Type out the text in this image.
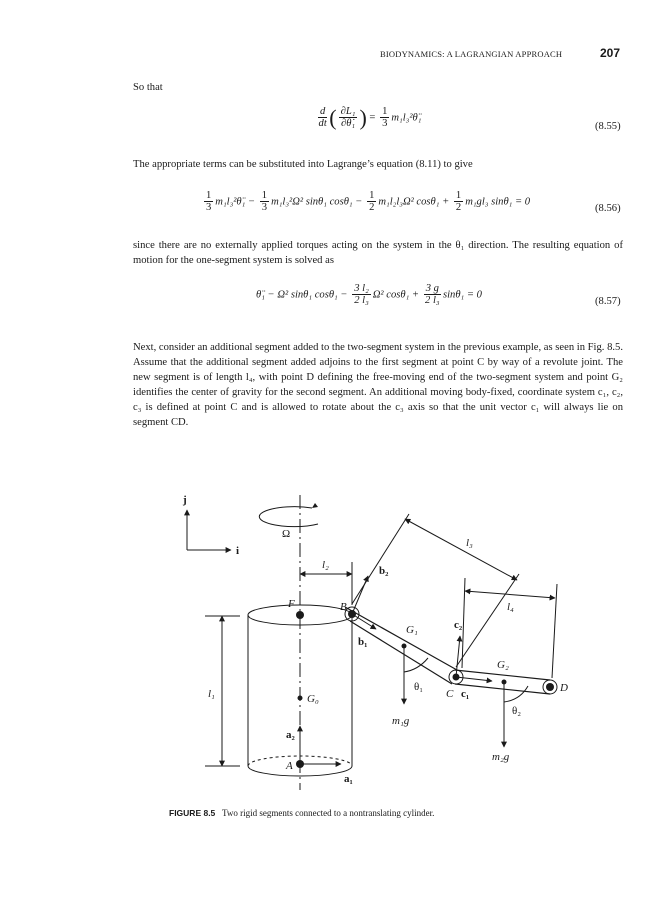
BIODYNAMICS: A LAGRANGIAN APPROACH	207
So that
$\frac{d}{dt}$ ( $\frac{\text{∂L₁}}{\text{∂θ̇₁}}$ ) = $\frac{1}{3}$ m₁l₃²θ̈₁
(8.55)
The appropriate terms can be substituted into Lagrange’s equation (8.11) to give
$\frac{1}{3}$ m₁l₃²θ̈₁ − $\frac{1}{3} m_1l_3^2\Omega^2$ sinθ₁ $\cos\theta_1 - \frac{1}{2} m_1l_2l_3\Omega^2$ $\cos\theta_1 + \frac{1}{2} m_1gl_3$ sinθ₁ = 0
(8.56)
since there are no externally applied torques acting on the system in the θ₁ direction. The resulting equation of motion for the one-segment system is solved as
θ̈₁ − Ω² sinθ₁ $\cos\theta_1 - \frac{\text{3 l₂}}{\text{2 l₃}} \Omega^2$ $\cos\theta_1 + \frac{3 g}{\text{2 l₃}} \sin\theta_1 = 0$
(8.57)
Next, consider an additional segment added to the two-segment system in the previous example, as seen in Fig. 8.5. Assume that the additional segment added adjoins to the first segment at point C by way of a revolute joint. The new segment is of length l₄, with point D defining the free-moving end of the two-segment system and point G₂ identifies the center of gravity for the second segment. An additional moving body-fixed, coordinate system c₁, c₂, c₃ is defined at point C and is allowed to rotate about the c₃ axis so that the unit vector c₁ will always lie on segment CD.
j
i
Ω
l₂
l₃
l₄
l₁
F	B
b₁
b₂
G₁	c₂
G₂
C c₁	D
θ₁
θ₂
G₀
a₂
A
a₁
m₁g
m₂g
FIGURE 8.5 Two rigid segments connected to a nontranslating cylinder.
